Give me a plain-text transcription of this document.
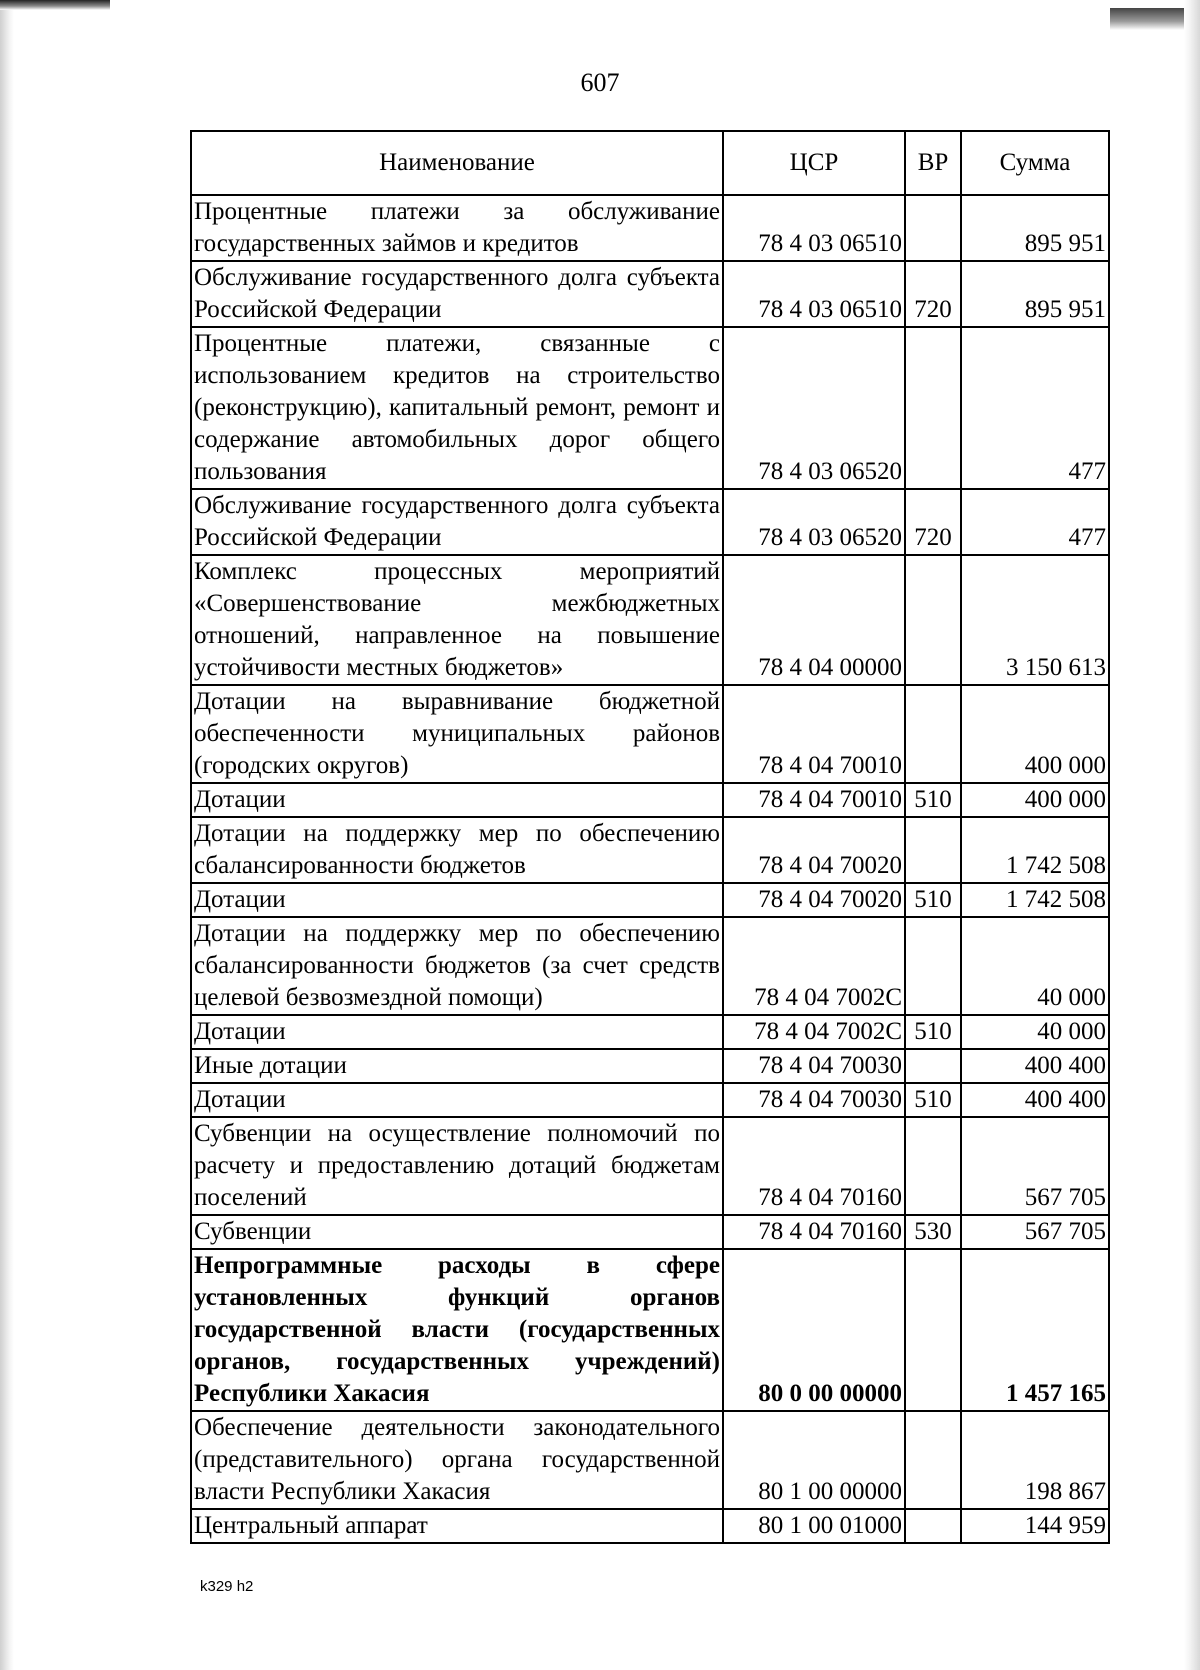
607
Наименование	ЦСР	ВР	Сумма
Процентные платежи за обслуживание государственных займов и кредитов	78 4 03 06510		895 951
Обслуживание государственного долга субъекта Российской Федерации	78 4 03 06510	720	895 951
Процентные платежи, связанные с использованием кредитов на строительство (реконструкцию), капитальный ремонт, ремонт и содержание автомобильных дорог общего пользования	78 4 03 06520		477
Обслуживание государственного долга субъекта Российской Федерации	78 4 03 06520	720	477
Комплекс процессных мероприятий «Совершенствование межбюджетных отношений, направленное на повышение устойчивости местных бюджетов»	78 4 04 00000		3 150 613
Дотации на выравнивание бюджетной обеспеченности муниципальных районов (городских округов)	78 4 04 70010		400 000
Дотации	78 4 04 70010	510	400 000
Дотации на поддержку мер по обеспечению сбалансированности бюджетов	78 4 04 70020		1 742 508
Дотации	78 4 04 70020	510	1 742 508
Дотации на поддержку мер по обеспечению сбалансированности бюджетов (за счет средств целевой безвозмездной помощи)	78 4 04 7002С		40 000
Дотации	78 4 04 7002С	510	40 000
Иные дотации	78 4 04 70030		400 400
Дотации	78 4 04 70030	510	400 400
Субвенции на осуществление полномочий по расчету и предоставлению дотаций бюджетам поселений	78 4 04 70160		567 705
Субвенции	78 4 04 70160	530	567 705
Непрограммные расходы в сфере установленных функций органов государственной власти (государственных органов, государственных учреждений) Республики Хакасия	80 0 00 00000		1 457 165
Обеспечение деятельности законодательного (представительного) органа государственной власти Республики Хакасия	80 1 00 00000		198 867
Центральный аппарат	80 1 00 01000		144 959
k329 h2
